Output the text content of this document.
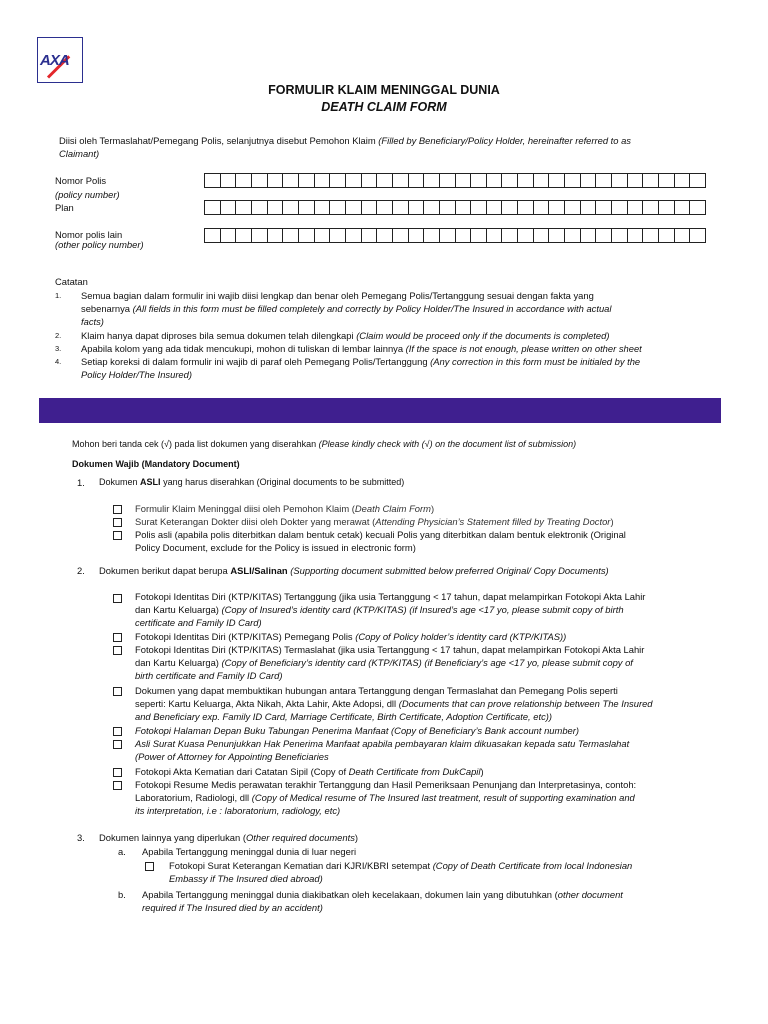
AXA
FORMULIR KLAIM MENINGGAL DUNIA
DEATH CLAIM FORM
Diisi oleh Termaslahat/Pemegang Polis, selanjutnya disebut Pemohon Klaim (Filled by Beneficiary/Policy Holder, hereinafter referred to as
Claimant)
Nomor Polis
(policy number)
Plan
Nomor polis lain
(other policy number)
Catatan
1. Semua bagian dalam formulir ini wajib diisi lengkap dan benar oleh Pemegang Polis/Tertanggung sesuai dengan fakta yang
sebenarnya (All fields in this form must be filled completely and correctly by Policy Holder/The Insured in accordance with actual
facts)
2. Klaim hanya dapat diproses bila semua dokumen telah dilengkapi (Claim would be proceed only if the documents is completed)
3. Apabila kolom yang ada tidak mencukupi, mohon di tuliskan di lembar lainnya (If the space is not enough, please written on other sheet
4. Setiap koreksi di dalam formulir ini wajib di paraf oleh Pemegang Polis/Tertanggung (Any correction in this form must be initialed by the
Policy Holder/The Insured)
Mohon beri tanda cek (√) pada list dokumen yang diserahkan (Please kindly check with (√) on the document list of submission)
Dokumen Wajib (Mandatory Document)
1. Dokumen ASLI yang harus diserahkan (Original documents to be submitted)
Formulir Klaim Meninggal diisi oleh Pemohon Klaim (Death Claim Form)
Surat Keterangan Dokter diisi oleh Dokter yang merawat (Attending Physician’s Statement filled by Treating Doctor)
Polis asli (apabila polis diterbitkan dalam bentuk cetak) kecuali Polis yang diterbitkan dalam bentuk elektronik (Original
Policy Document, exclude for the Policy is issued in electronic form)
2. Dokumen berikut dapat berupa ASLI/Salinan (Supporting document submitted below preferred Original/ Copy Documents)
Fotokopi Identitas Diri (KTP/KITAS) Tertanggung (jika usia Tertanggung < 17 tahun, dapat melampirkan Fotokopi Akta Lahir
dan Kartu Keluarga) (Copy of Insured’s identity card (KTP/KITAS) (if Insured’s age <17 yo, please submit copy of birth
certificate and Family ID Card)
Fotokopi Identitas Diri (KTP/KITAS) Pemegang Polis (Copy of Policy holder’s identity card (KTP/KITAS))
Fotokopi Identitas Diri (KTP/KITAS) Termaslahat (jika usia Tertanggung < 17 tahun, dapat melampirkan Fotokopi Akta Lahir
dan Kartu Keluarga) (Copy of Beneficiary’s identity card (KTP/KITAS) (if Beneficiary’s age <17 yo, please submit copy of
birth certificate and Family ID Card)
Dokumen yang dapat membuktikan hubungan antara Tertanggung dengan Termaslahat dan Pemegang Polis seperti
seperti: Kartu Keluarga, Akta Nikah, Akta Lahir, Akte Adopsi, dll (Documents that can prove relationship between The Insured
and Beneficiary exp. Family ID Card, Marriage Certificate, Birth Certificate, Adoption Certificate, etc))
Fotokopi Halaman Depan Buku Tabungan Penerima Manfaat (Copy of Beneficiary’s Bank account number)
Asli Surat Kuasa Penunjukkan Hak Penerima Manfaat apabila pembayaran klaim dikuasakan kepada satu Termaslahat
(Power of Attorney for Appointing Beneficiaries
Fotokopi Akta Kematian dari Catatan Sipil (Copy of Death Certificate from DukCapil)
Fotokopi Resume Medis perawatan terakhir Tertanggung dan Hasil Pemeriksaan Penunjang dan Interpretasinya, contoh:
Laboratorium, Radiologi, dll (Copy of Medical resume of The Insured last treatment, result of supporting examination and
its interpretation, i.e : laboratorium, radiology, etc)
3. Dokumen lainnya yang diperlukan (Other required documents)
a. Apabila Tertanggung meninggal dunia di luar negeri
Fotokopi Surat Keterangan Kematian dari KJRI/KBRI setempat (Copy of Death Certificate from local Indonesian
Embassy if The Insured died abroad)
b. Apabila Tertanggung meninggal dunia diakibatkan oleh kecelakaan, dokumen lain yang dibutuhkan (other document
required if The Insured died by an accident)
